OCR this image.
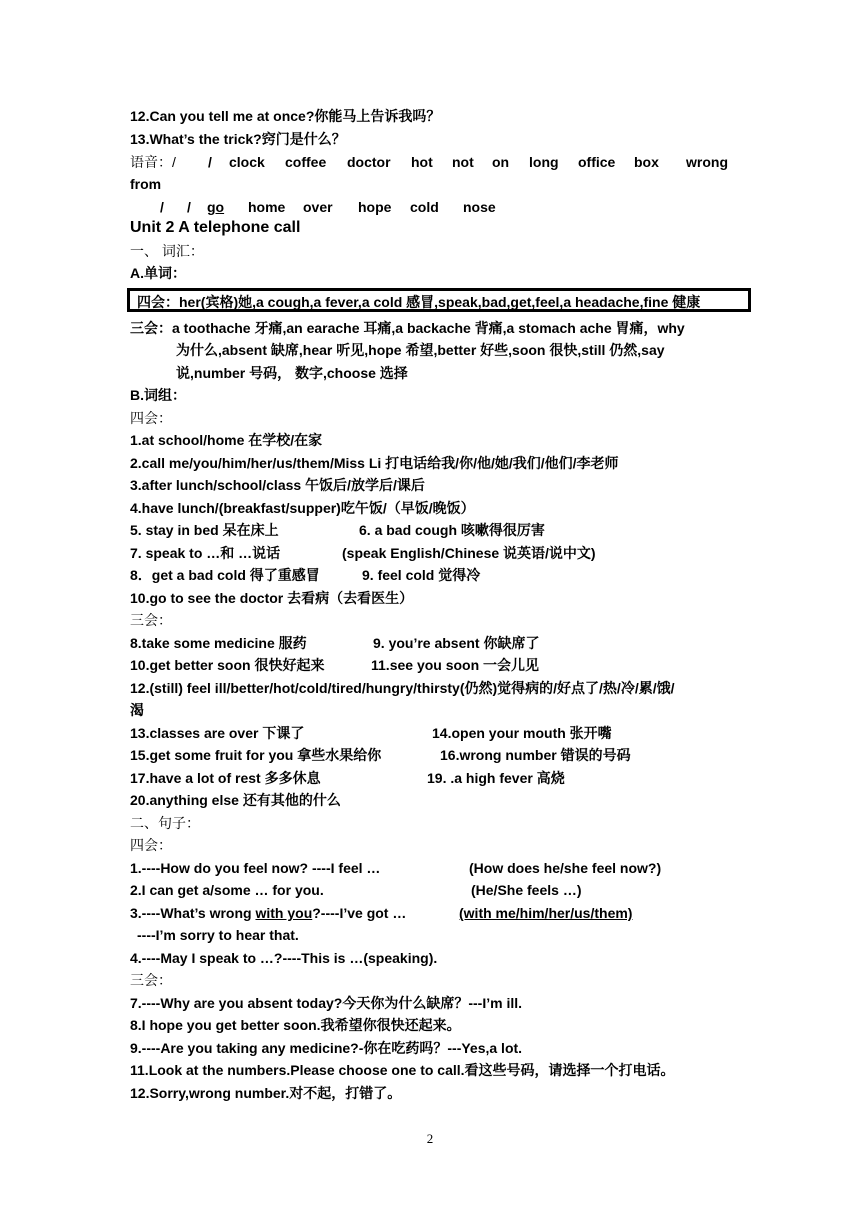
12.Can you tell me at once?你能马上告诉我吗？
13.What’s the trick?窍门是什么？
语音：/ / clock coffee doctor hot not on long office box wrong
from
/ / go home over hope cold nose
Unit 2 A telephone call
一、 词汇：
A.单词：
四会：her(宾格)她,a cough,a fever,a cold 感冒,speak,bad,get,feel,a headache,fine 健康
三会：a toothache 牙痛,an earache 耳痛,a backache 背痛,a stomach ache 胃痛，why
为什么,absent 缺席,hear 听见,hope 希望,better 好些,soon 很快,still 仍然,say
说,number 号码， 数字,choose 选择
B.词组：
四会：
1.at school/home 在学校/在家
2.call me/you/him/her/us/them/Miss Li 打电话给我/你/他/她/我们/他们/李老师
3.after lunch/school/class 午饭后/放学后/课后
4.have lunch/(breakfast/supper)吃午饭/（早饭/晚饭）
5. stay in bed 呆在床上	6. a bad cough 咳嗽得很厉害
7. speak to …和 …说话	(speak English/Chinese 说英语/说中文)
8．get a bad cold 得了重感冒	9. feel cold 觉得冷
10.go to see the doctor 去看病（去看医生）
三会：
8.take some medicine 服药	9. you’re absent 你缺席了
10.get better soon 很快好起来	11.see you soon 一会儿见
12.(still) feel ill/better/hot/cold/tired/hungry/thirsty(仍然)觉得病的/好点了/热/冷/累/饿/
渴
13.classes are over 下课了	14.open your mouth 张开嘴
15.get some fruit for you 拿些水果给你	16.wrong number 错误的号码
17.have a lot of rest 多多休息	19. .a high fever 高烧
20.anything else 还有其他的什么
二、句子：
四会：
1.----How do you feel now? ----I feel …	(How does he/she feel now?)
2.I can get a/some … for you.	(He/She feels …)
3.----What’s wrong with you?----I’ve got …	(with me/him/her/us/them)
----I’m sorry to hear that.
4.----May I speak to …?----This is …(speaking).
三会：
7.----Why are you absent today?今天你为什么缺席？---I’m ill.
8.I hope you get better soon.我希望你很快还起来。
9.----Are you taking any medicine?-你在吃药吗？---Yes,a lot.
11.Look at the numbers.Please choose one to call.看这些号码，请选择一个打电话。
12.Sorry,wrong number.对不起，打错了。
2
